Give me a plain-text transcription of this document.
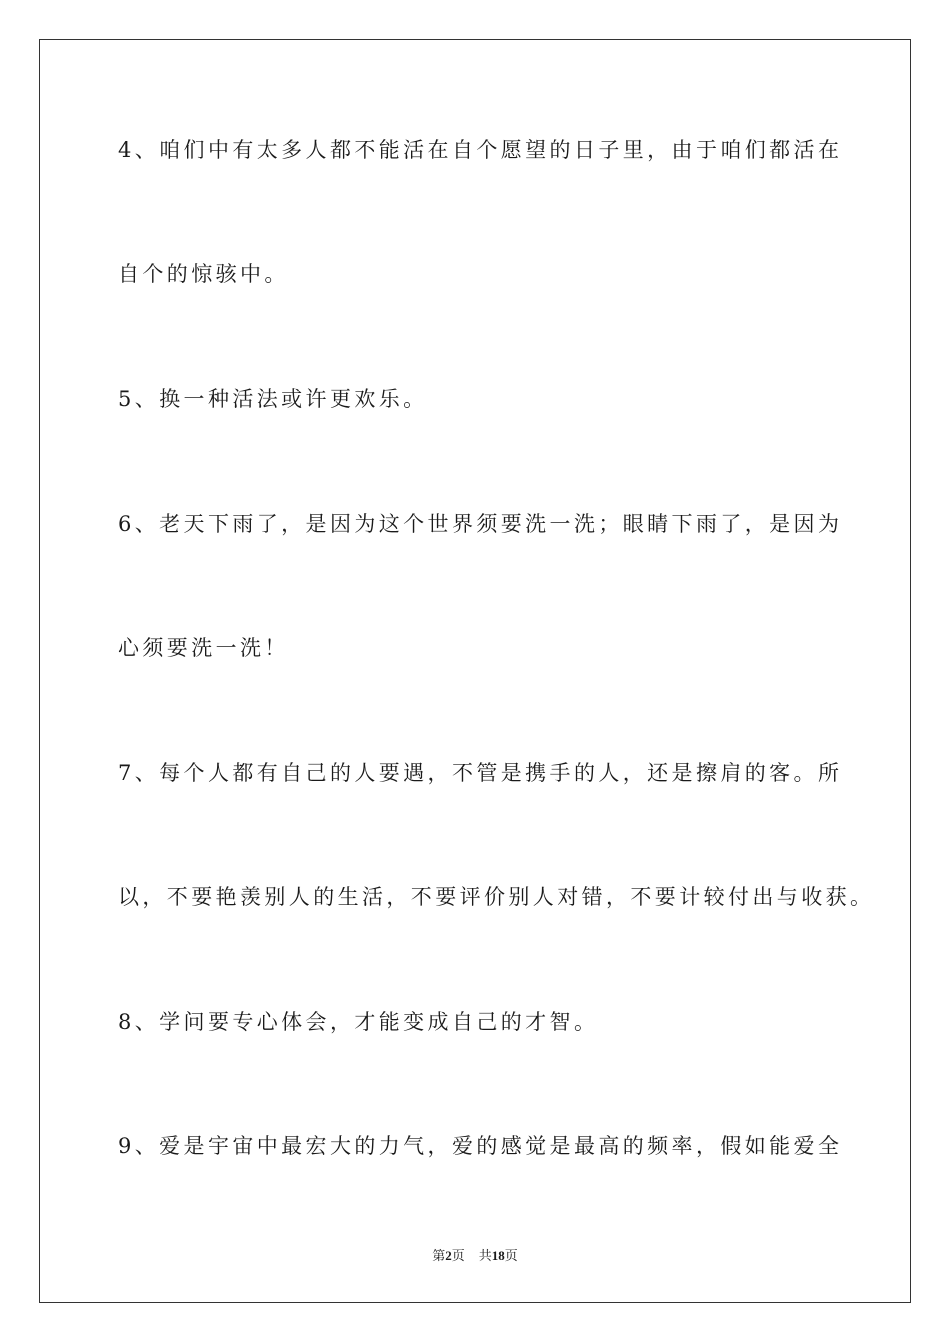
4、咱们中有太多人都不能活在自个愿望的日子里，由于咱们都活在
自个的惊骇中。
5、换一种活法或许更欢乐。
6、老天下雨了，是因为这个世界须要洗一洗；眼睛下雨了，是因为
心须要洗一洗！
7、每个人都有自己的人要遇，不管是携手的人，还是擦肩的客。所
以，不要艳羡别人的生活，不要评价别人对错，不要计较付出与收获。
8、学问要专心体会，才能变成自己的才智。
9、爱是宇宙中最宏大的力气，爱的感觉是最高的频率，假如能爱全
第2页 共18页
